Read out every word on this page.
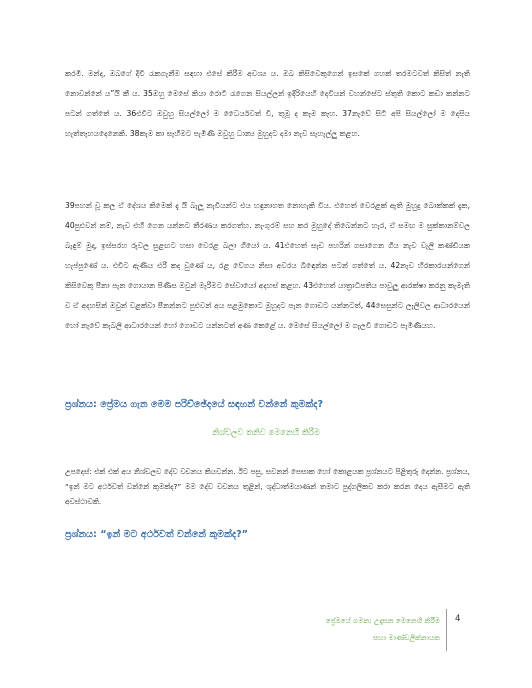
කරමි. මන්ද, ඔබගේ දිවි රැකගැනීම සඳහා එසේ කිරීම අවශ්‍ය ය. ඔබ කිසිවෙකුගෙන් ඉසකේ ගහක් තරමටවත් කිසිත් නැති නොවන්නේ ය”යි කී ය. 35ඔහු මෙසේ කියා රොටී රැගෙන සියල්ලන් ඉදිරියෙහි දෙවියන් වහන්සේට ස්තුති කොට කඩා කන්නට පටන් ගත්තේ ය. 36එවිට ඔවුහු සියල්ලෝ ම ධෛර්යවත් වී, තුමූ ද කෑම කෑහ. 37නැවේ සිටි අපි සියල්ලෝ ම දෙසිය හැත්තෑහයදෙනෙකි. 38කැම කා සෑහීමට පැමිණි ඔවුහු ධාන්‍ය මුහුදට දමා නැව සැහැල්ලු කළහ.

39පහන් වූ කල ඒ දේශය කිමෙක් දැ යි බැලූ නැවියන්ට එය හඳුනාගත නොහැකි විය. එහෙත් වෙරළක් ඇති මුහුදු බොක්කක් දැක, 40පුළුවන් නම්, නැව එහි ගෙන යන්නට තීරණය කරගත්හ. නැංගුරම් සහ කර මුහුදේ තිබෙන්නට හැර, ඒ සමඟ ම සුක්කානම්වල බැඳුම් මුදා, ඉස්සරහ රුවල සුළඟට හසා වෙරළ බලා ගියෝ ය. 41එහෙත් සැඩ පහරින් ගසාගෙන ගිය නැව වැලි කණ්ඩියක හැප්පුණේ ය. එවිට ඇණිය එරී කද වුණේ ය, රළ වේගය නිසා අවරය බිඳෙන්න පටන් ගත්තේ ය. 42නැව හිරකාරයන්ගෙන් කිසිවෙකු පීනා පැන ගොයාන පිණිස ඔවුන් මැරීමට සේවායෝ අදහස් කළහ. 43එහෙත් යාත්‍රාධිපතිය පාවුලු ආරක්ෂා කරනු කැමැති ව ඒ අදහසින් ඔවුන් වළක්වා පීනන්නට පුළුවන් අය පළමුකොට මුහුදට පැන ගොඩට යන්නටත්, 44සෙසුන්ට ලෑලිවල ආධාරයෙන් හෝ නැවේ කැබලි ආධාරයෙන් හෝ ගොඩට යන්නටත් අණ කෙළේ ය. මෙසේ සියල්ලෝ ම ගැලවී ගොඩට පැමිණියහ.

ප්‍රශ්නය: ප්‍රේමය ගැන මෙම පරිච්ඡේදයේ සඳහන් වන්නේ කුමක්ද?

නිශ්චලව තනිව මෙනෙහි කිරීම

උපදෙස්: එක් එක් අය නිශ්චලව දේව වචනය කියවන්න. ඊට පසු, සවනන් පෙසාක හෝ කොළයක ප්‍රශ්නයට පිළිතුරු දෙන්න. ප්‍රශ්නය, “ඉන් මට අර්ථවත් වන්නේ කුමක්ද?” මම දේව වචනය තුළින්, ශුද්ධාත්මයාණන් තමාට පුද්ගලිකව කරා කරන දෙය ඇසීමට ඇති අවස්ථාවකි.

ප්‍රශ්නය: “ඉන් මට අර්ථවත් වන්නේ කුමක්ද?”

ප්‍රේමයේ ගමන: උදෑසන මෙනෙහි කිරීම

සහා මාණ්ඩලික්නායක

4
